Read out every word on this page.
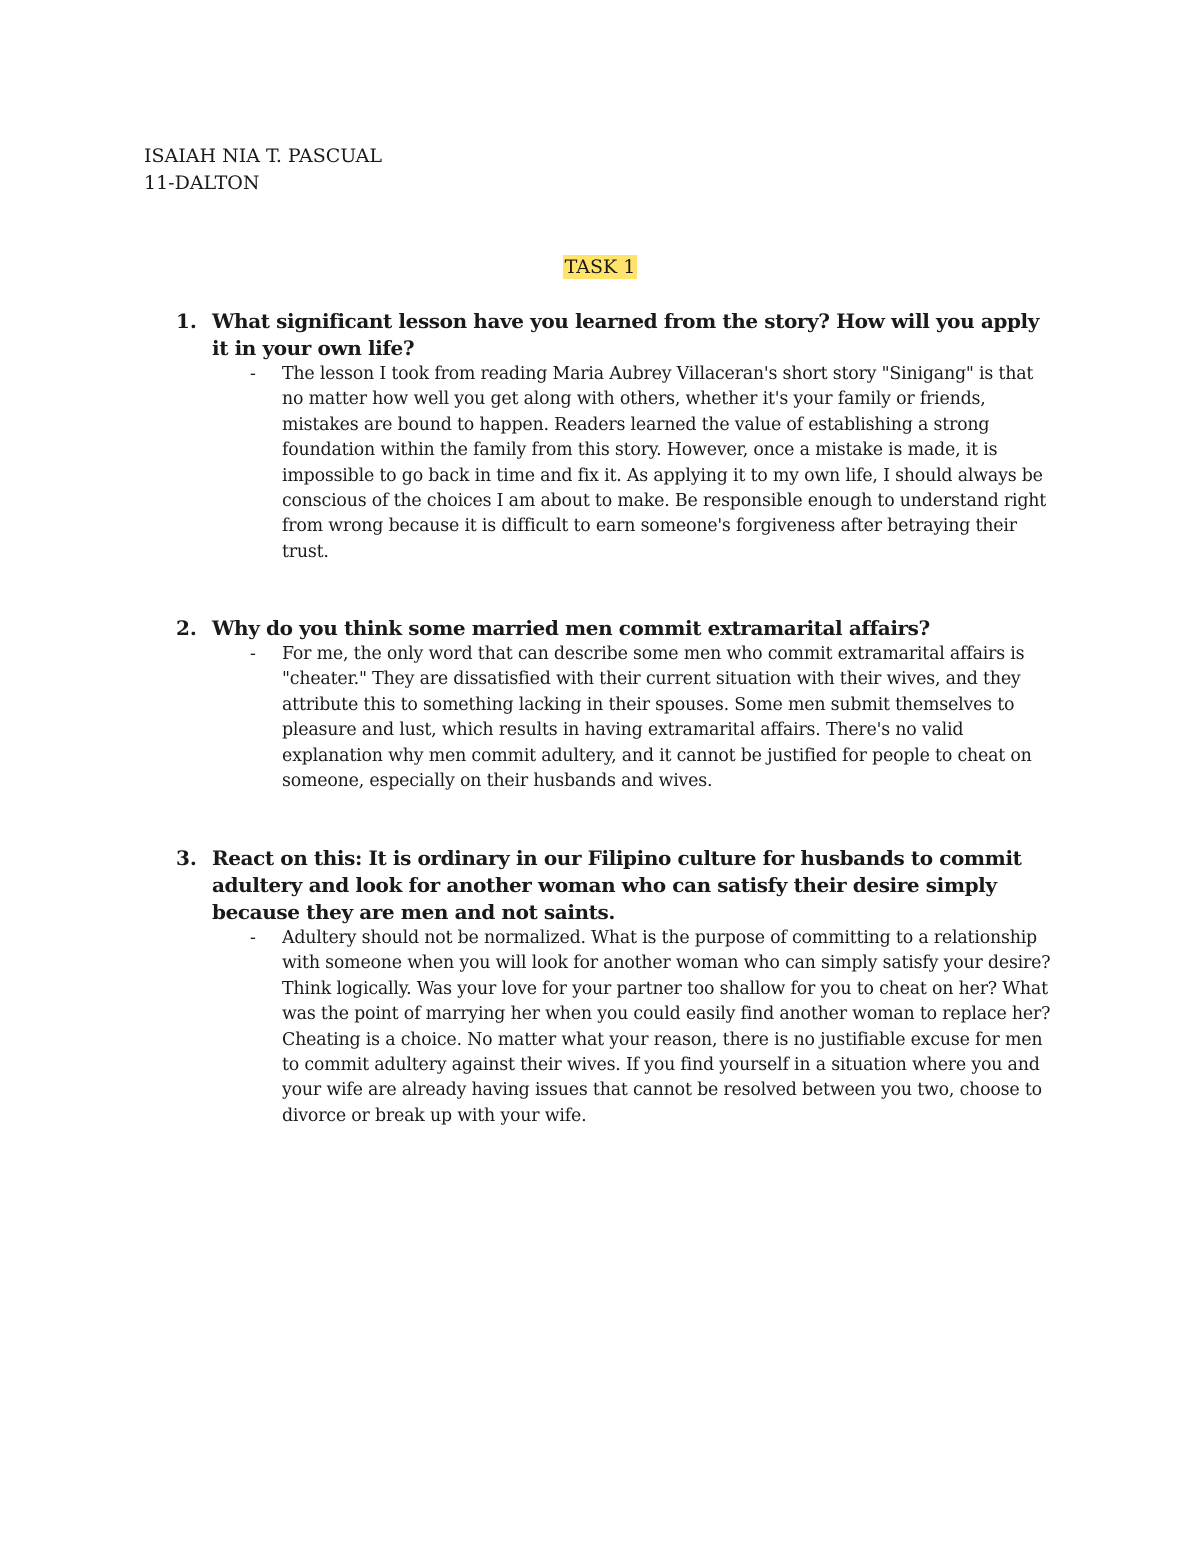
ISAIAH NIA T. PASCUAL
11-DALTON
TASK 1
1. What significant lesson have you learned from the story? How will you apply it in your own life?
-	The lesson I took from reading Maria Aubrey Villaceran's short story "Sinigang" is that no matter how well you get along with others, whether it's your family or friends, mistakes are bound to happen. Readers learned the value of establishing a strong foundation within the family from this story. However, once a mistake is made, it is impossible to go back in time and fix it. As applying it to my own life, I should always be conscious of the choices I am about to make. Be responsible enough to understand right from wrong because it is difficult to earn someone's forgiveness after betraying their trust.
2. Why do you think some married men commit extramarital affairs?
-	For me, the only word that can describe some men who commit extramarital affairs is "cheater." They are dissatisfied with their current situation with their wives, and they attribute this to something lacking in their spouses. Some men submit themselves to pleasure and lust, which results in having extramarital affairs. There's no valid explanation why men commit adultery, and it cannot be justified for people to cheat on someone, especially on their husbands and wives.
3. React on this: It is ordinary in our Filipino culture for husbands to commit adultery and look for another woman who can satisfy their desire simply because they are men and not saints.
-	Adultery should not be normalized. What is the purpose of committing to a relationship with someone when you will look for another woman who can simply satisfy your desire? Think logically. Was your love for your partner too shallow for you to cheat on her? What was the point of marrying her when you could easily find another woman to replace her? Cheating is a choice. No matter what your reason, there is no justifiable excuse for men to commit adultery against their wives. If you find yourself in a situation where you and your wife are already having issues that cannot be resolved between you two, choose to divorce or break up with your wife.
